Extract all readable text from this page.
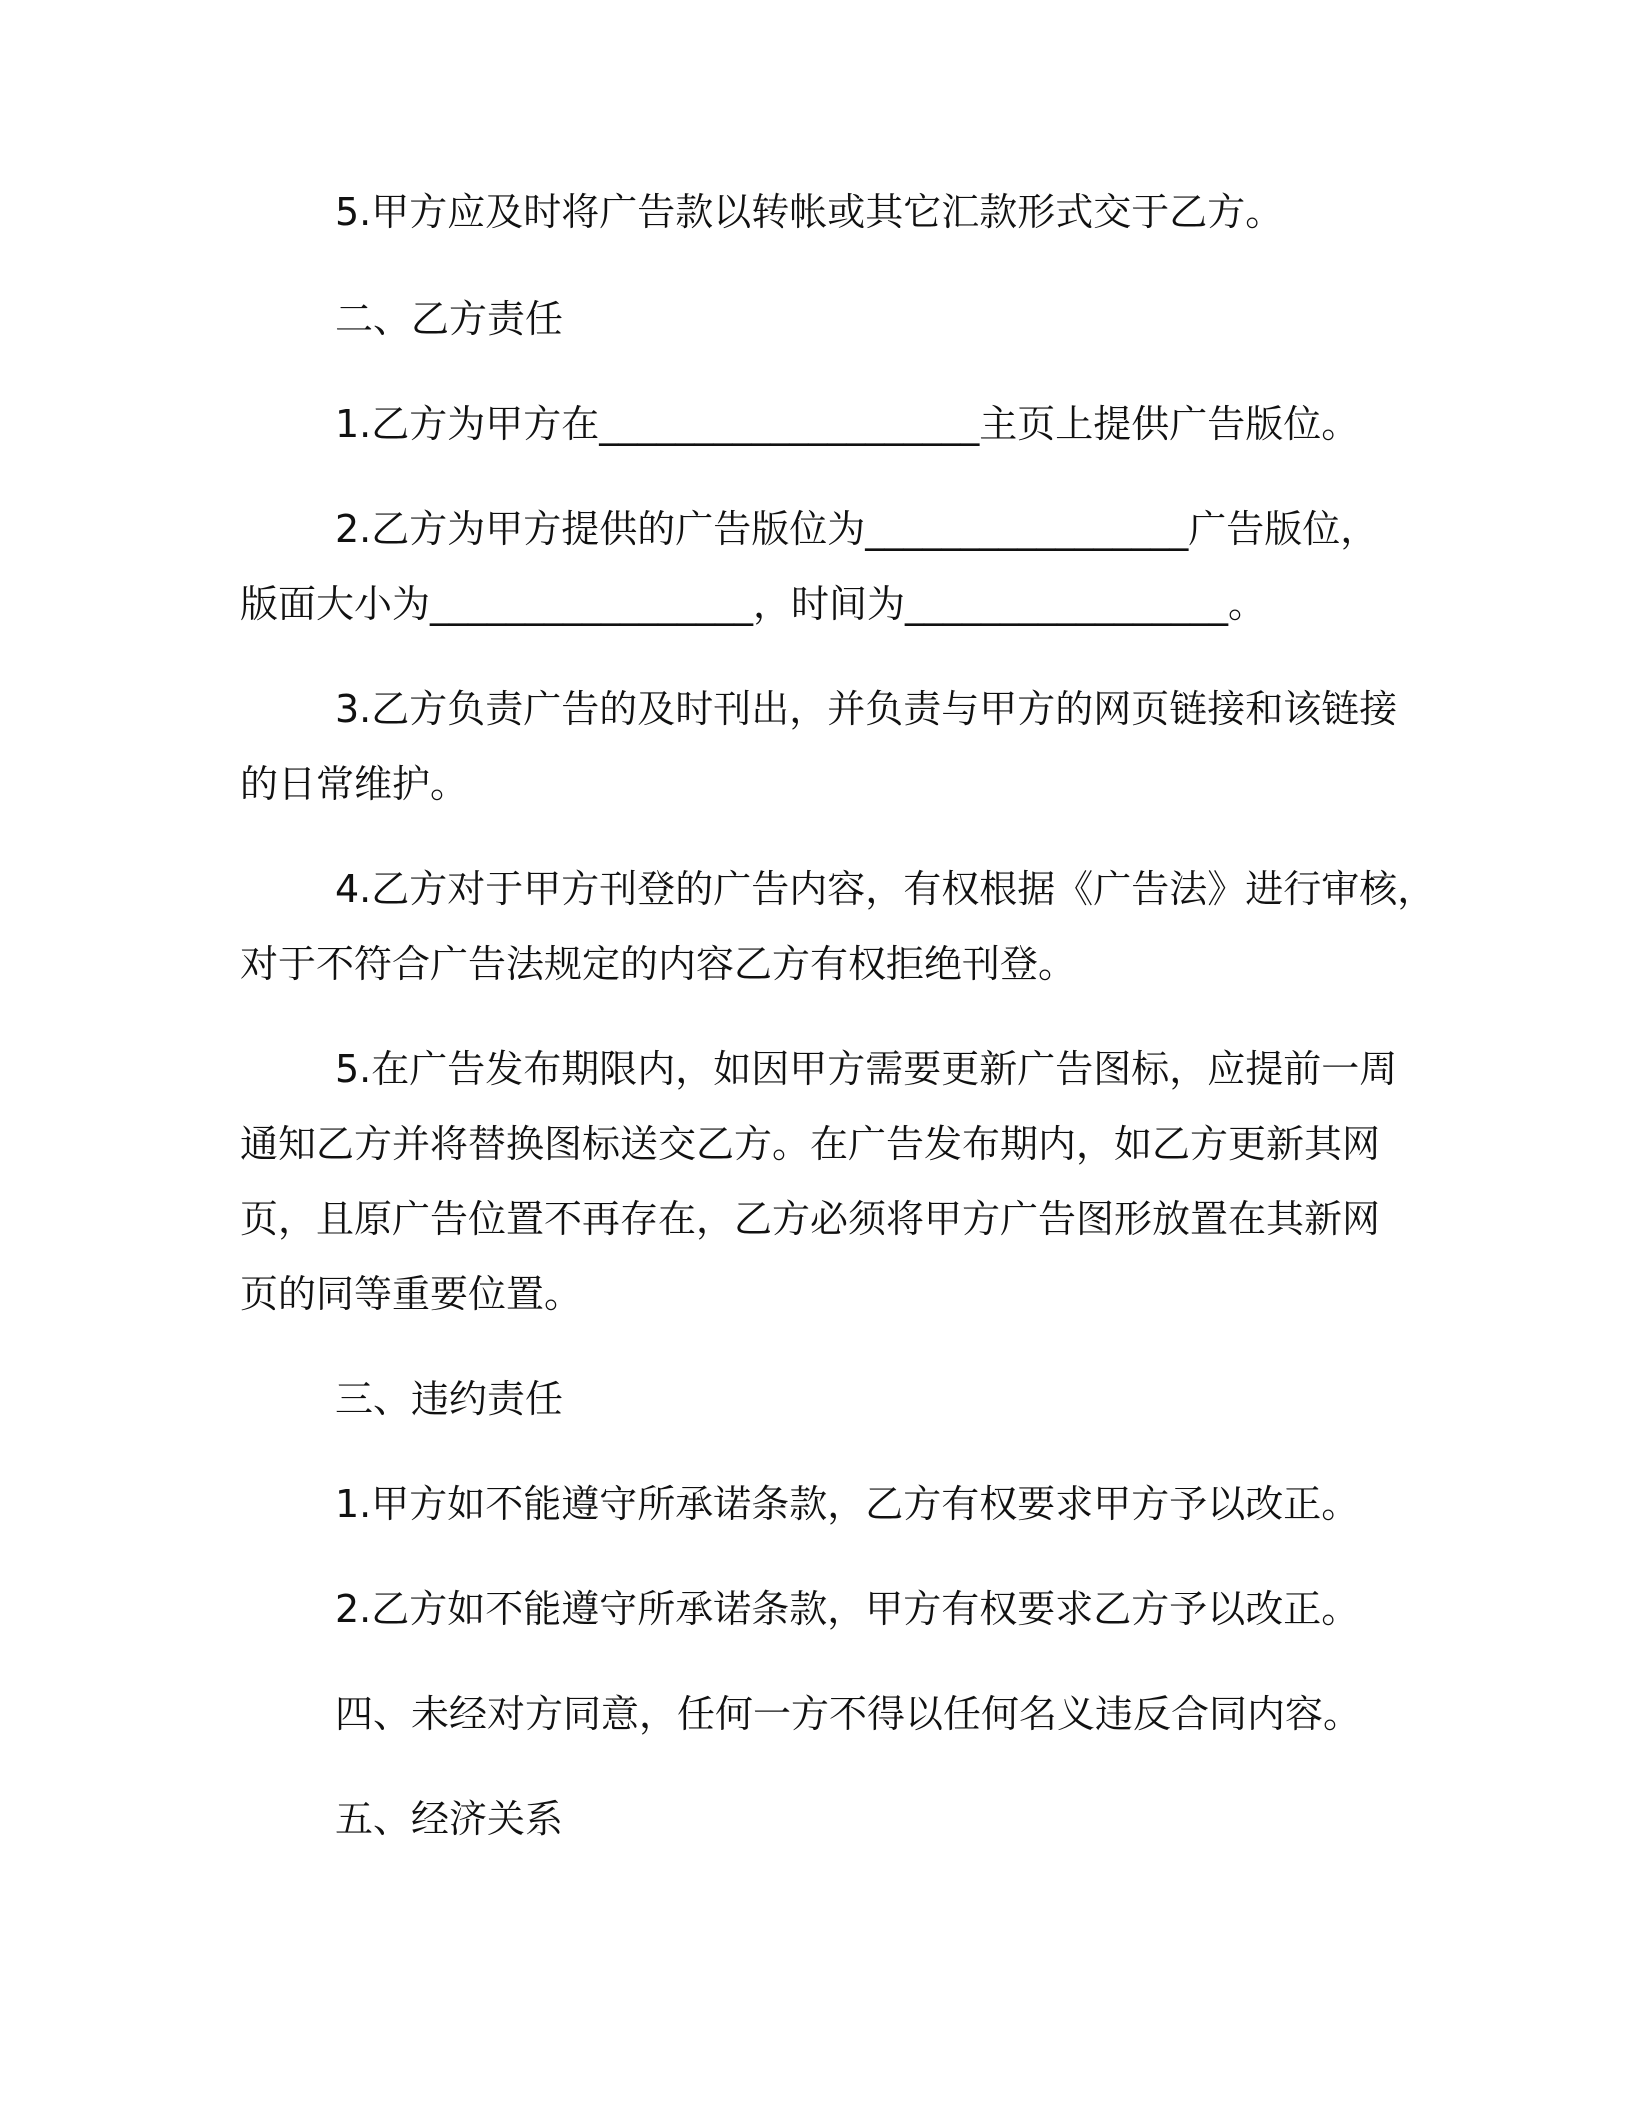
5.甲方应及时将广告款以转帐或其它汇款形式交于乙方。

二、乙方责任

1.乙方为甲方在____________________主页上提供广告版位。

2.乙方为甲方提供的广告版位为_________________广告版位，

版面大小为_________________，时间为_________________。

3.乙方负责广告的及时刊出，并负责与甲方的网页链接和该链接

的日常维护。

4.乙方对于甲方刊登的广告内容，有权根据《广告法》进行审核，

对于不符合广告法规定的内容乙方有权拒绝刊登。

5.在广告发布期限内，如因甲方需要更新广告图标，应提前一周

通知乙方并将替换图标送交乙方。在广告发布期内，如乙方更新其网

页，且原广告位置不再存在，乙方必须将甲方广告图形放置在其新网

页的同等重要位置。

三、违约责任

1.甲方如不能遵守所承诺条款，乙方有权要求甲方予以改正。

2.乙方如不能遵守所承诺条款，甲方有权要求乙方予以改正。

四、未经对方同意，任何一方不得以任何名义违反合同内容。

五、经济关系
